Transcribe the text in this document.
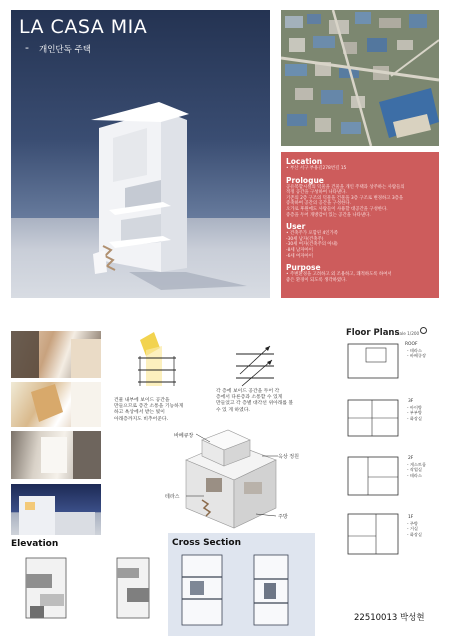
LA CASA MIA
- 개인단독 주택
Location

• 부산 서구 부용길278번길 15

Prologue

공유복합시설의 덕물을 건물을 개인 주택과 상주하는 사람들의

적정 공간을 구성하여 나타낸다.

기존의 2층 구조의 덕물을 건물을 3층 구조로 변경하고 3층을

증축하여 공간의 공간을 구성한다.

오가로 후원에도 사람들이 사용할 대공간을 구성한다.

증층을 두어 개방감이 있는 공간을 나타낸다.

User

• 건축주가 포함된 4인가족

-30세 남자(건축주)

-30세 여자(건축주의 아내)

-8세 남자아이

-6세 여자아이

Purpose

• 주변환경을 고려하고 외 조용하고, 쾌적하도록 하여서

좋은 환경이 되도록 생각하였다.

건물 내부에 보이드 공간을
만들으므로 층간 소통을 기능하게
하고 옥상에서 받는 빛이
아래층까지도 비추어준다.
각 층에 보이드 공간을 두어 각
층에서 다른층과 소통할 수 있게
만들었고 각 층별 대각선 위아래를 볼
수 있 게 하였다.
바베큐장
옥상 정원
테라스
주방
Elevation	Cross Section
Floor Plans
scale 1/200
ROOF
- 테라스
- 바베큐장
3F
- 아이방
- 부부방
- 화장실
2F
- 게스트룸
- 작업실
- 테라스
1F
- 주방
- 거실
- 화장실
22510013 박성현
